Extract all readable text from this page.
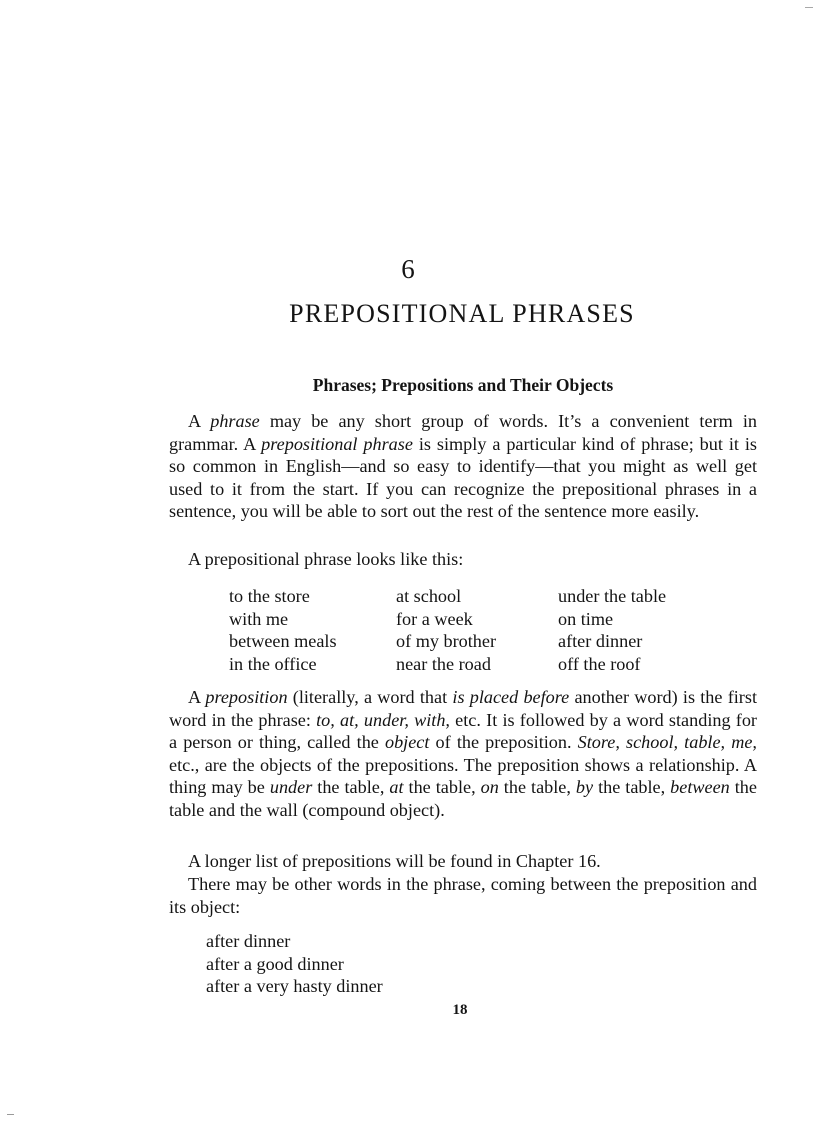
6
PREPOSITIONAL PHRASES
Phrases; Prepositions and Their Objects

A phrase may be any short group of words. It’s a convenient term in grammar. A prepositional phrase is simply a particular kind of phrase; but it is so common in English—and so easy to identify—that you might as well get used to it from the start. If you can recognize the prepositional phrases in a sentence, you will be able to sort out the rest of the sentence more easily.

A prepositional phrase looks like this:

to the store	at school	under the table
with me	for a week	on time
between meals	of my brother	after dinner
in the office	near the road	off the roof

A preposition (literally, a word that is placed before another word) is the first word in the phrase: to, at, under, with, etc. It is followed by a word standing for a person or thing, called the object of the preposition. Store, school, table, me, etc., are the objects of the prepositions. The preposition shows a relationship. A thing may be under the table, at the table, on the table, by the table, between the table and the wall (compound object).

A longer list of prepositions will be found in Chapter 16.

There may be other words in the phrase, coming between the preposition and its object:

after dinner
after a good dinner
after a very hasty dinner
18
